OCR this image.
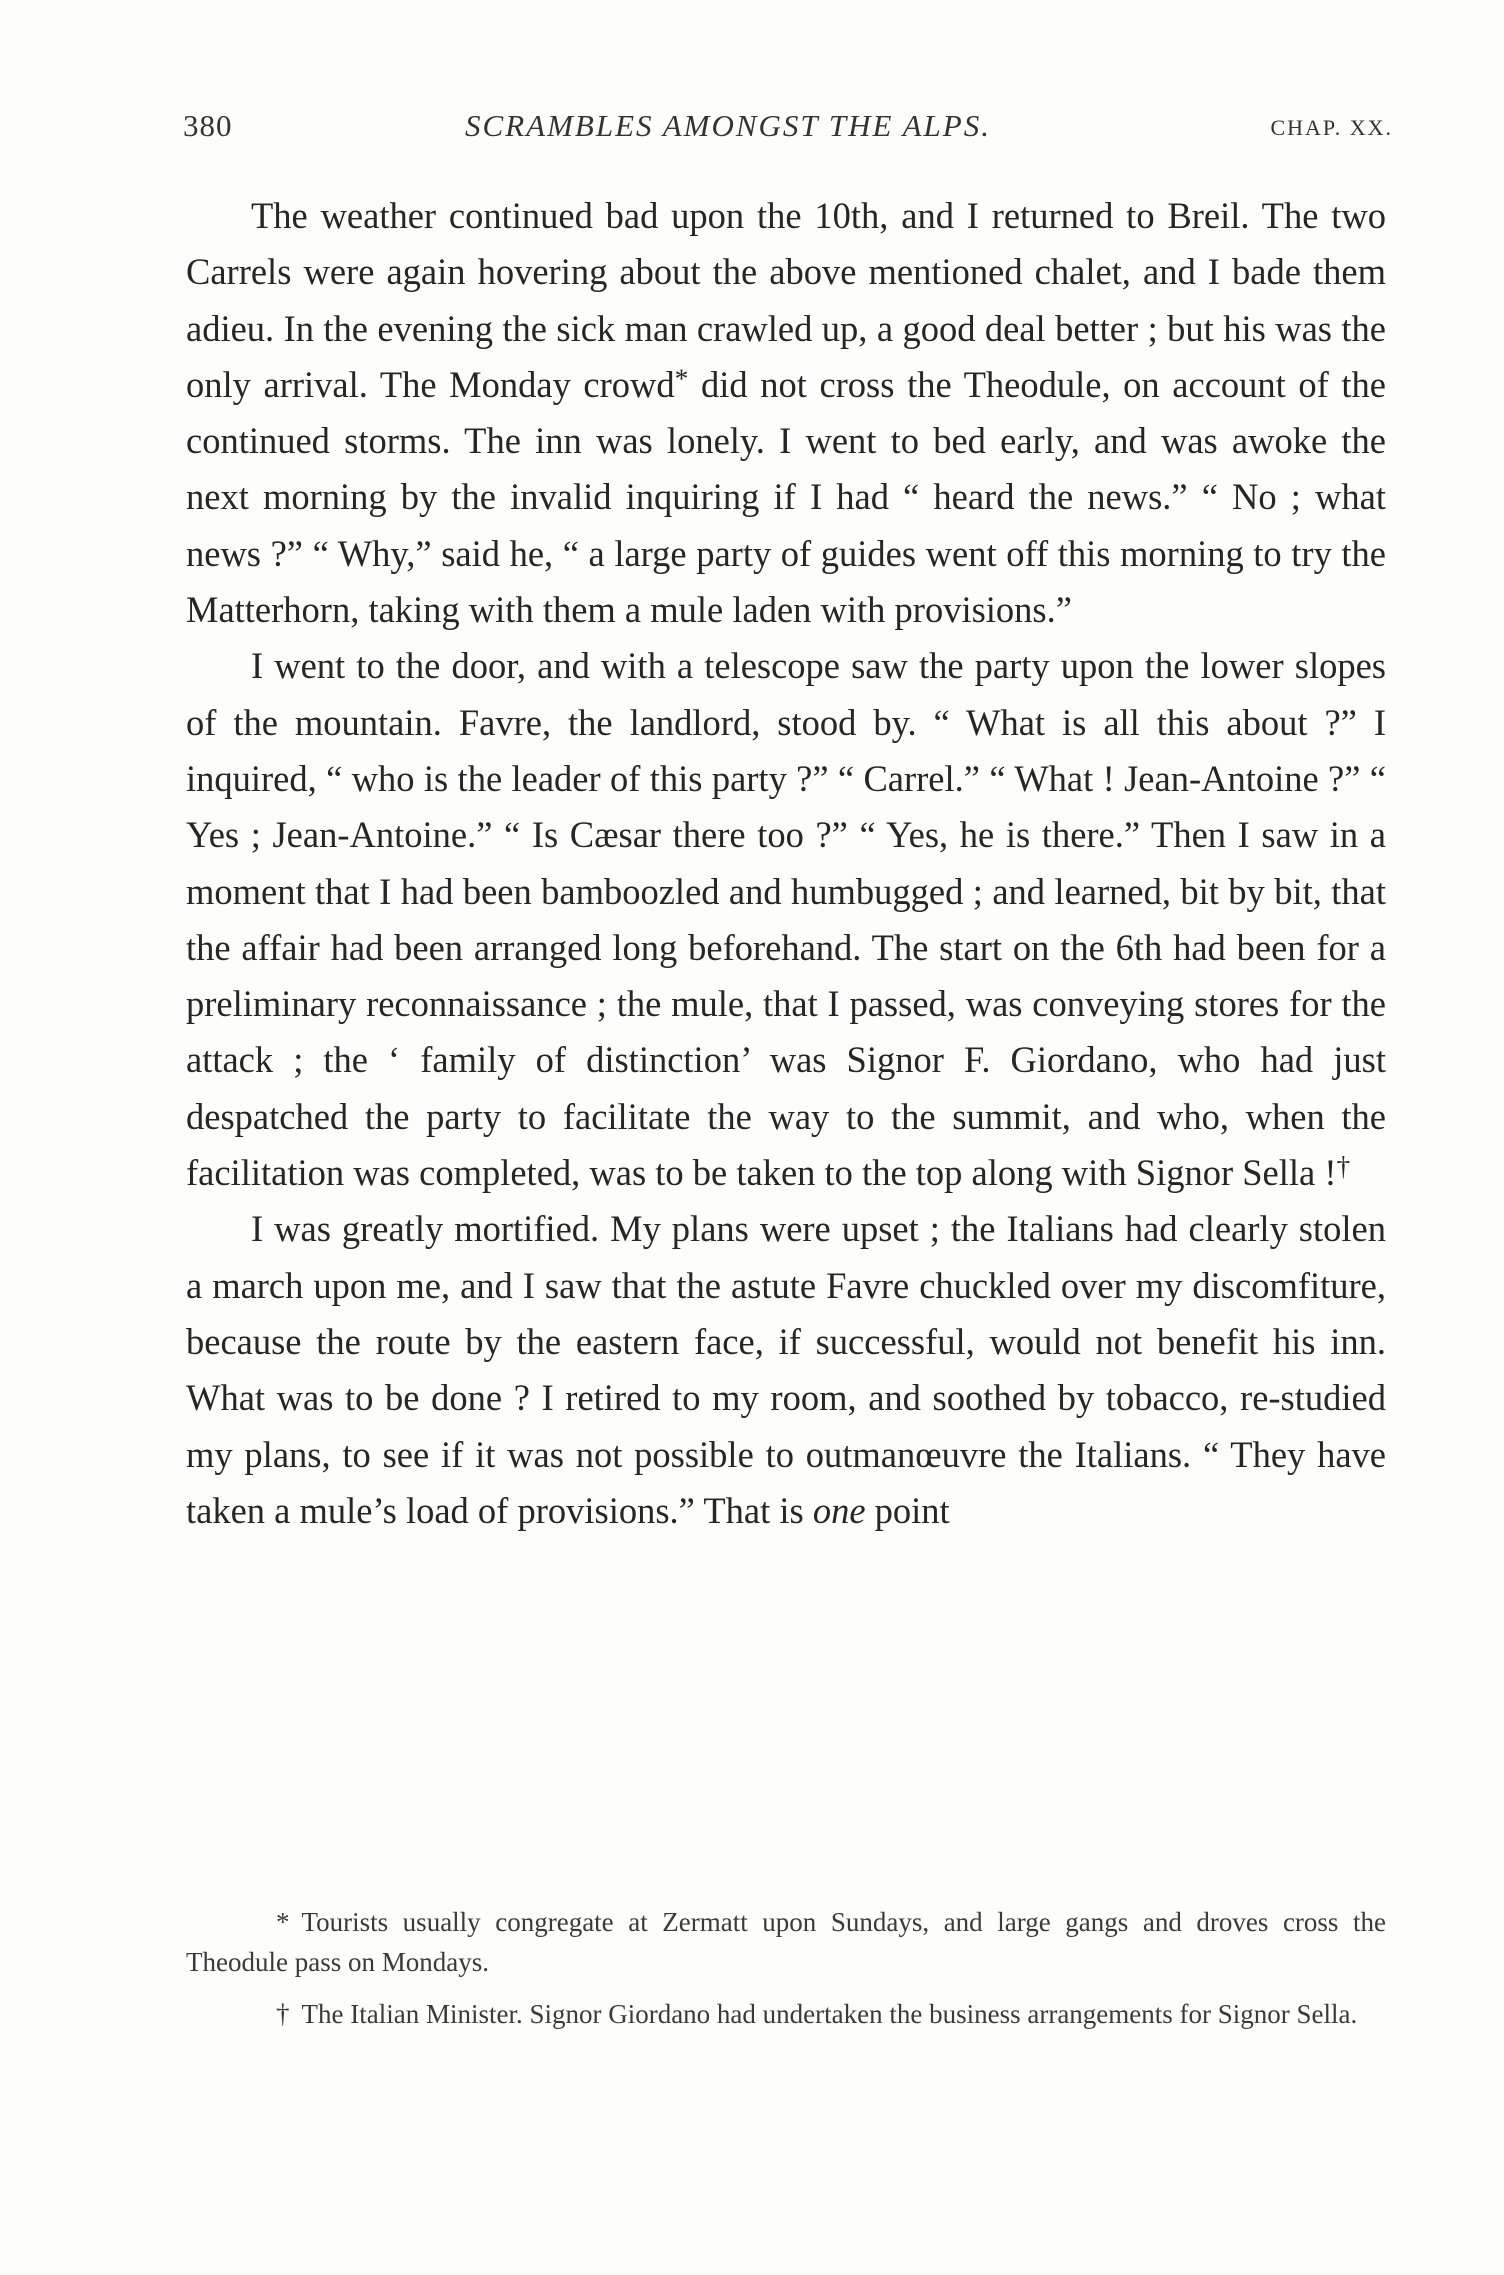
380	SCRAMBLES AMONGST THE ALPS.	CHAP. XX.

The weather continued bad upon the 10th, and I returned to Breil. The two Carrels were again hovering about the above mentioned chalet, and I bade them adieu. In the evening the sick man crawled up, a good deal better ; but his was the only arrival. The Monday crowd* did not cross the Theodule, on account of the continued storms. The inn was lonely. I went to bed early, and was awoke the next morning by the invalid inquiring if I had “ heard the news.” “ No ; what news ?” “ Why,” said he, “ a large party of guides went off this morning to try the Matterhorn, taking with them a mule laden with provisions.”

I went to the door, and with a telescope saw the party upon the lower slopes of the mountain. Favre, the landlord, stood by. “ What is all this about ?” I inquired, “ who is the leader of this party ?” “ Carrel.” “ What ! Jean-Antoine ?” “ Yes ; Jean-Antoine.” “ Is Cæsar there too ?” “ Yes, he is there.” Then I saw in a moment that I had been bamboozled and humbugged ; and learned, bit by bit, that the affair had been arranged long beforehand. The start on the 6th had been for a preliminary reconnaissance ; the mule, that I passed, was conveying stores for the attack ; the ‘ family of distinction’ was Signor F. Giordano, who had just despatched the party to facilitate the way to the summit, and who, when the facilitation was completed, was to be taken to the top along with Signor Sella !†

I was greatly mortified. My plans were upset ; the Italians had clearly stolen a march upon me, and I saw that the astute Favre chuckled over my discomfiture, because the route by the eastern face, if successful, would not benefit his inn. What was to be done ? I retired to my room, and soothed by tobacco, re-studied my plans, to see if it was not possible to outmanœuvre the Italians. “ They have taken a mule’s load of provisions.” That is one point

* Tourists usually congregate at Zermatt upon Sundays, and large gangs and droves cross the Theodule pass on Mondays.

† The Italian Minister. Signor Giordano had undertaken the business arrangements for Signor Sella.
